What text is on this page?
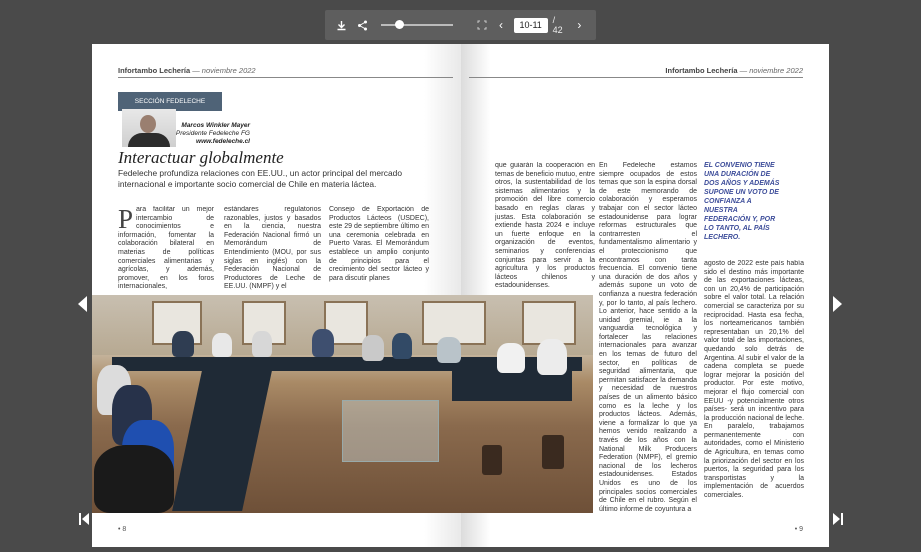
‹	10-11	/ 42	›
Infortambo Lechería — noviembre 2022
SECCIÓN FEDELECHE
Marcos Winkler Mayer
Presidente Fedeleche FG
www.fedeleche.cl
Interactuar globalmente
Fedeleche profundiza relaciones con EE.UU., un actor principal del mercado internacional e importante socio comercial de Chile en materia láctea.
Para facilitar un mejor intercambio de conocimientos e información, fomentar la colaboración bilateral en materias de políticas comerciales alimentarias y agrícolas, y además, promover, en los foros internacionales,
estándares regulatorios razonables, justos y basados en la ciencia, nuestra Federación Nacional firmó un Memorándum de Entendimiento (MOU, por sus siglas en inglés) con la Federación Nacional de Productores de Leche de EE.UU. (NMPF) y el
Consejo de Exportación de Productos Lácteos (USDEC), este 29 de septiembre último en una ceremonia celebrada en Puerto Varas. El Memorándum establece un amplio conjunto de principios para el crecimiento del sector lácteo y para discutir planes
• 8
Infortambo Lechería — noviembre 2022
que guiarán la cooperación en temas de beneficio mutuo, entre otros, la sustentabilidad de los sistemas alimentarios y la promoción del libre comercio basado en reglas claras y justas. Esta colaboración se extiende hasta 2024 e incluye un fuerte enfoque en la organización de eventos, seminarios y conferencias conjuntas para servir a la agricultura y los productos lácteos chilenos y estadounidenses.
En Fedeleche estamos siempre ocupados de estos temas que son la espina dorsal de este memorando de colaboración y esperamos trabajar con el sector lácteo estadounidense para lograr reformas estructurales que contrarresten el fundamentalismo alimentario y el proteccionismo que encontramos con tanta frecuencia. El convenio tiene una duración de dos años y además supone un voto de confianza a nuestra federación y, por lo tanto, al país lechero. Lo anterior, hace sentido a la unidad gremial, ie a la vanguardia tecnológica y fortalecer las relaciones internacionales para avanzar en los temas de futuro del sector, en políticas de seguridad alimentaria, que permitan satisfacer la demanda y necesidad de nuestros países de un alimento básico como es la leche y los productos lácteos. Además, viene a formalizar lo que ya hemos venido realizando a través de los años con la National Milk Producers Federation (NMPF), el gremio nacional de los lecheros estadounidenses. Estados Unidos es uno de los principales socios comerciales de Chile en el rubro. Según el último informe de coyuntura a
EL CONVENIO TIENE UNA DURACIÓN DE DOS AÑOS Y ADEMÁS SUPONE UN VOTO DE CONFIANZA A NUESTRA FEDERACIÓN Y, POR LO TANTO, AL PAÍS LECHERO.
agosto de 2022 este país había sido el destino más importante de las exportaciones lácteas, con un 20,4% de participación sobre el valor total. La relación comercial se caracteriza por su reciprocidad. Hasta esa fecha, los norteamericanos también representaban un 20,1% del valor total de las importaciones, quedando solo detrás de Argentina. Al subir el valor de la cadena completa se puede lograr mejorar la posición del productor. Por este motivo, mejorar el flujo comercial con EEUU -y potencialmente otros países- será un incentivo para la producción nacional de leche. En paralelo, trabajamos permanentemente con autoridades, como el Ministerio de Agricultura, en temas como la priorización del sector en los puertos, la seguridad para los transportistas y la implementación de acuerdos comerciales.
• 9
